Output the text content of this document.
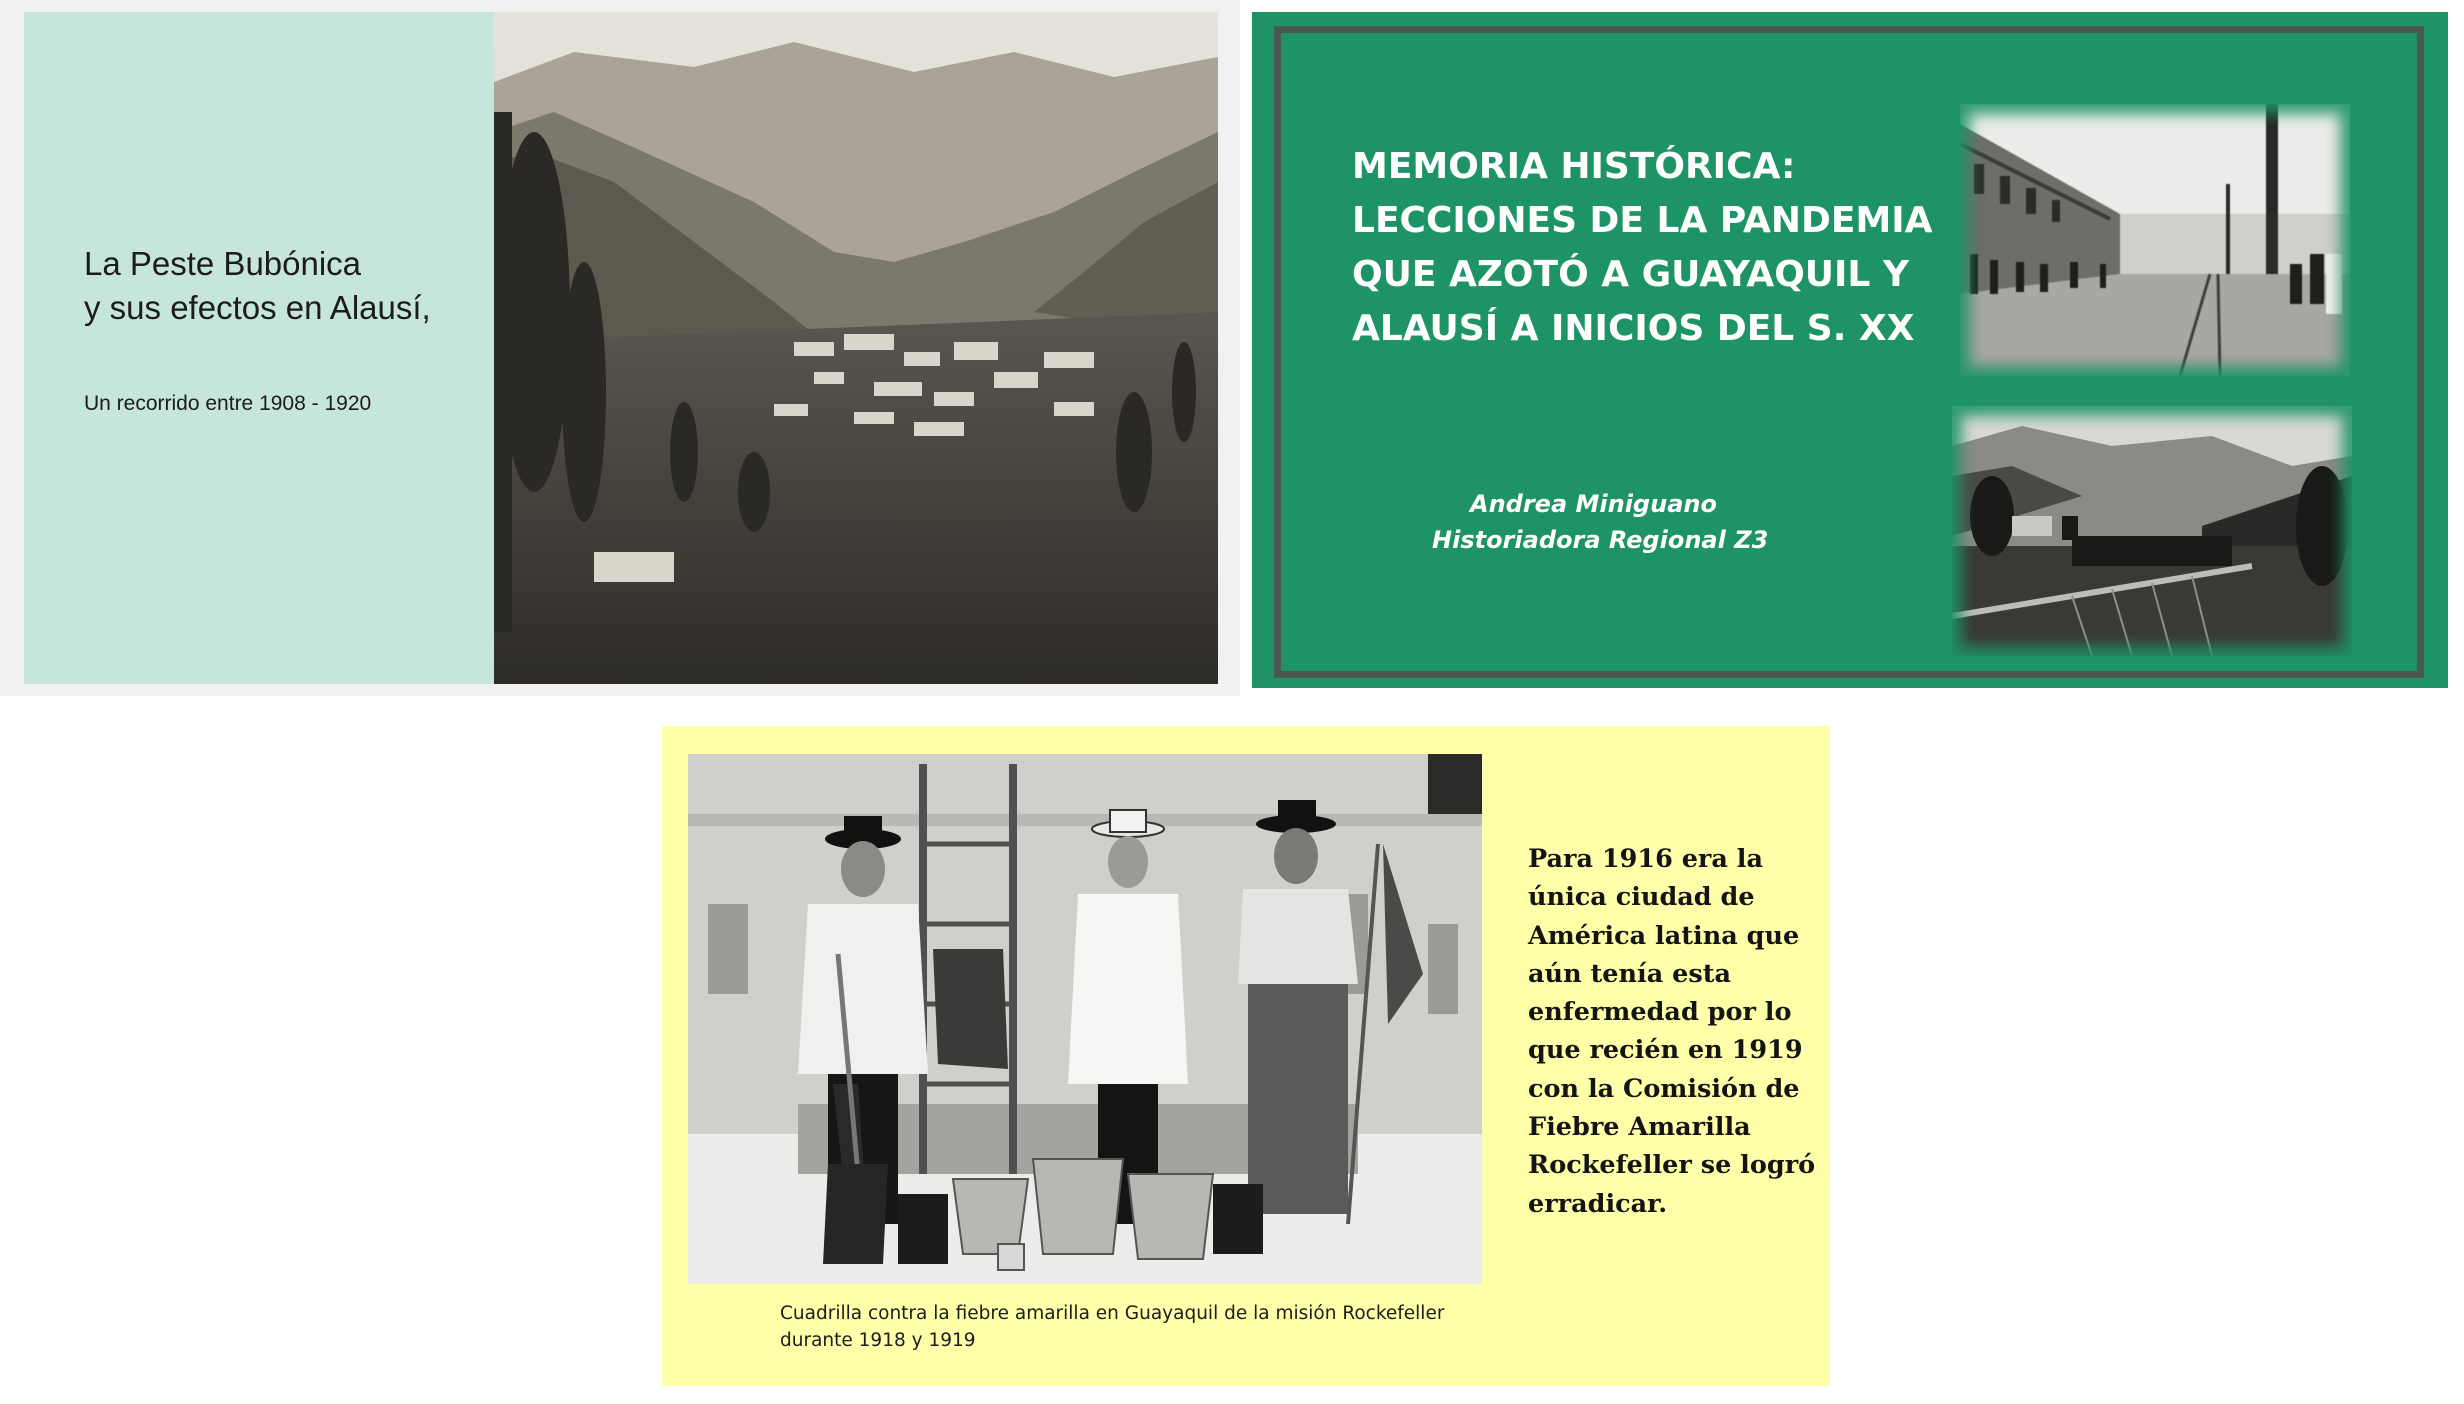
La Peste Bubónica
y sus efectos en Alausí,

Un recorrido entre 1908 - 1920

MEMORIA HISTÓRICA:
LECCIONES DE LA PANDEMIA
QUE AZOTÓ A GUAYAQUIL Y
ALAUSÍ A INICIOS DEL S. XX
Andrea Miniguano
Historiadora Regional Z3

Cuadrilla contra la fiebre amarilla en Guayaquil de la misión Rockefeller
durante 1918 y 1919

Para 1916 era la
única ciudad de
América latina que
aún tenía esta
enfermedad por lo
que recién en 1919
con la Comisión de
Fiebre Amarilla
Rockefeller se logró
erradicar.
